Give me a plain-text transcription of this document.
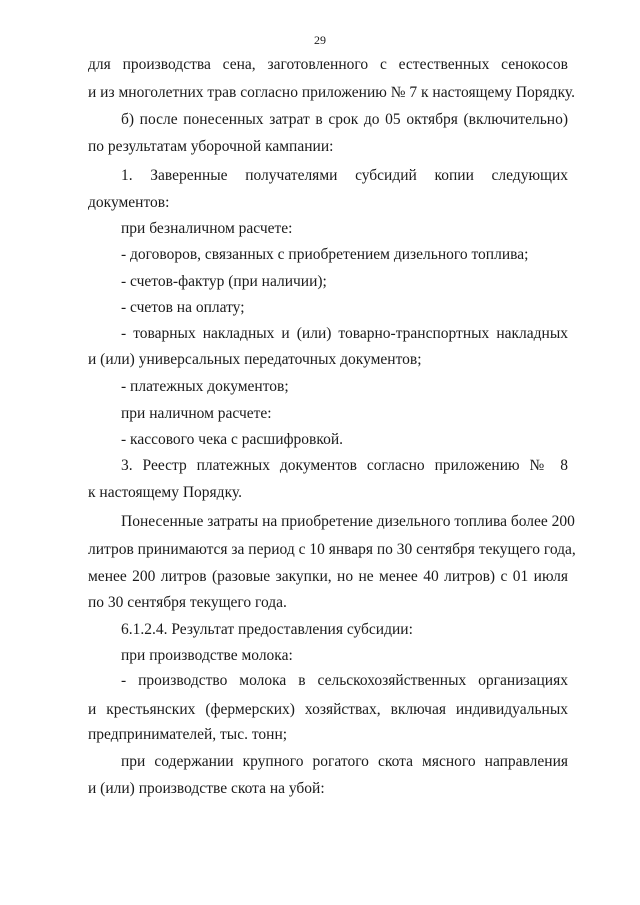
29
для производства сена, заготовленного с естественных сенокосов
и из многолетних трав согласно приложению № 7 к настоящему Порядку.
б) после понесенных затрат в срок до 05 октября (включительно)
по результатам уборочной кампании:
1. Заверенные получателями субсидий копии следующих
документов:
при безналичном расчете:
- договоров, связанных с приобретением дизельного топлива;
- счетов-фактур (при наличии);
- счетов на оплату;
- товарных накладных и (или) товарно-транспортных накладных
и (или) универсальных передаточных документов;
- платежных документов;
при наличном расчете:
- кассового чека с расшифровкой.
3. Реестр платежных документов согласно приложению № 8
к настоящему Порядку.
Понесенные затраты на приобретение дизельного топлива более 200
литров принимаются за период с 10 января по 30 сентября текущего года,
менее 200 литров (разовые закупки, но не менее 40 литров) с 01 июля
по 30 сентября текущего года.
6.1.2.4. Результат предоставления субсидии:
при производстве молока:
- производство молока в сельскохозяйственных организациях
и крестьянских (фермерских) хозяйствах, включая индивидуальных
предпринимателей, тыс. тонн;
при содержании крупного рогатого скота мясного направления
и (или) производстве скота на убой:
